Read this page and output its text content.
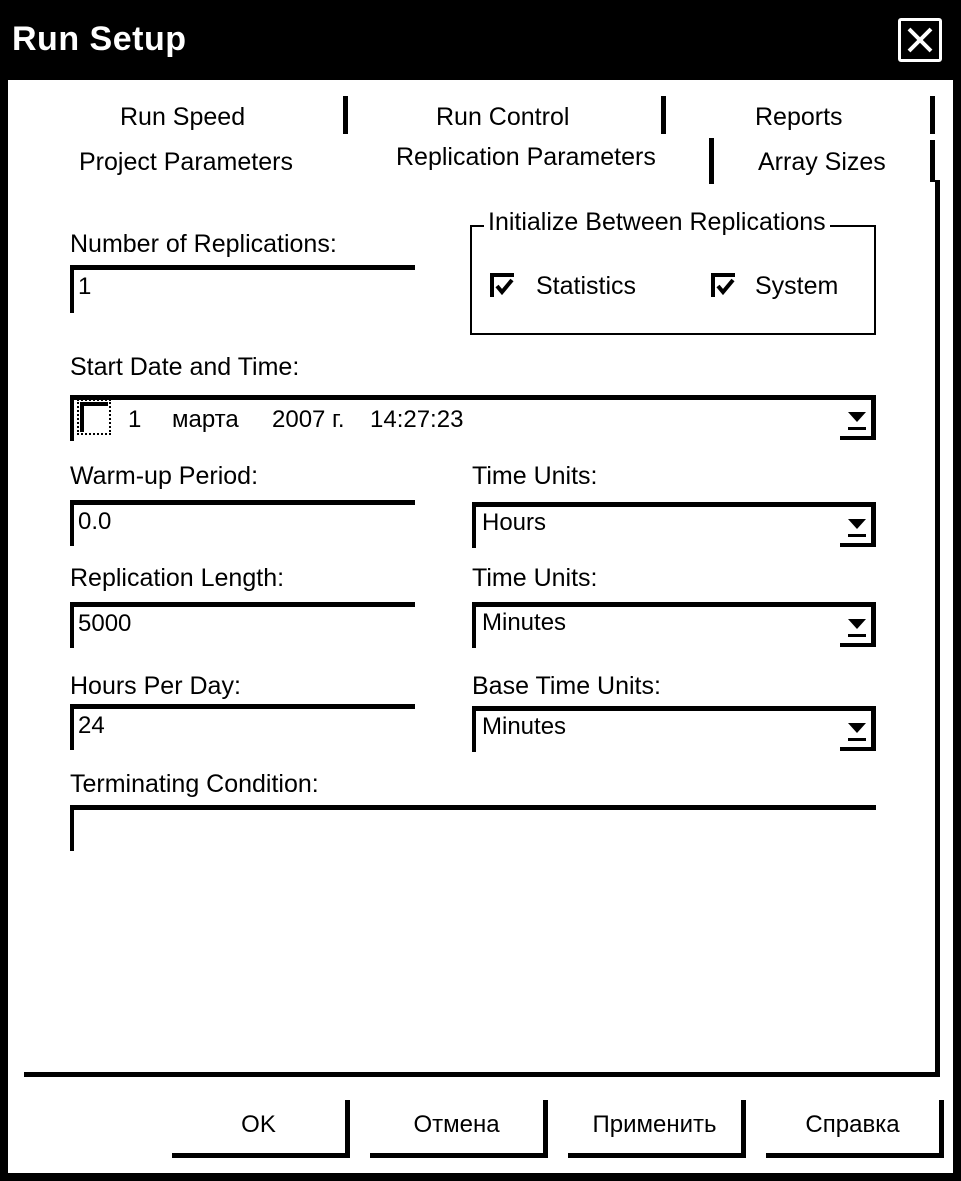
Run Setup
Run Speed	Run Control	Reports
Project Parameters	Replication Parameters	Array Sizes
Number of Replications:
1
Initialize Between Replications
Statistics	System
Start Date and Time:
1 марта 2007 г. 14:27:23
Warm-up Period:
0.0
Time Units:
Hours
Replication Length:
5000
Time Units:
Minutes
Hours Per Day:
24
Base Time Units:
Minutes
Terminating Condition:
OK	Отмена	Применить	Справка
